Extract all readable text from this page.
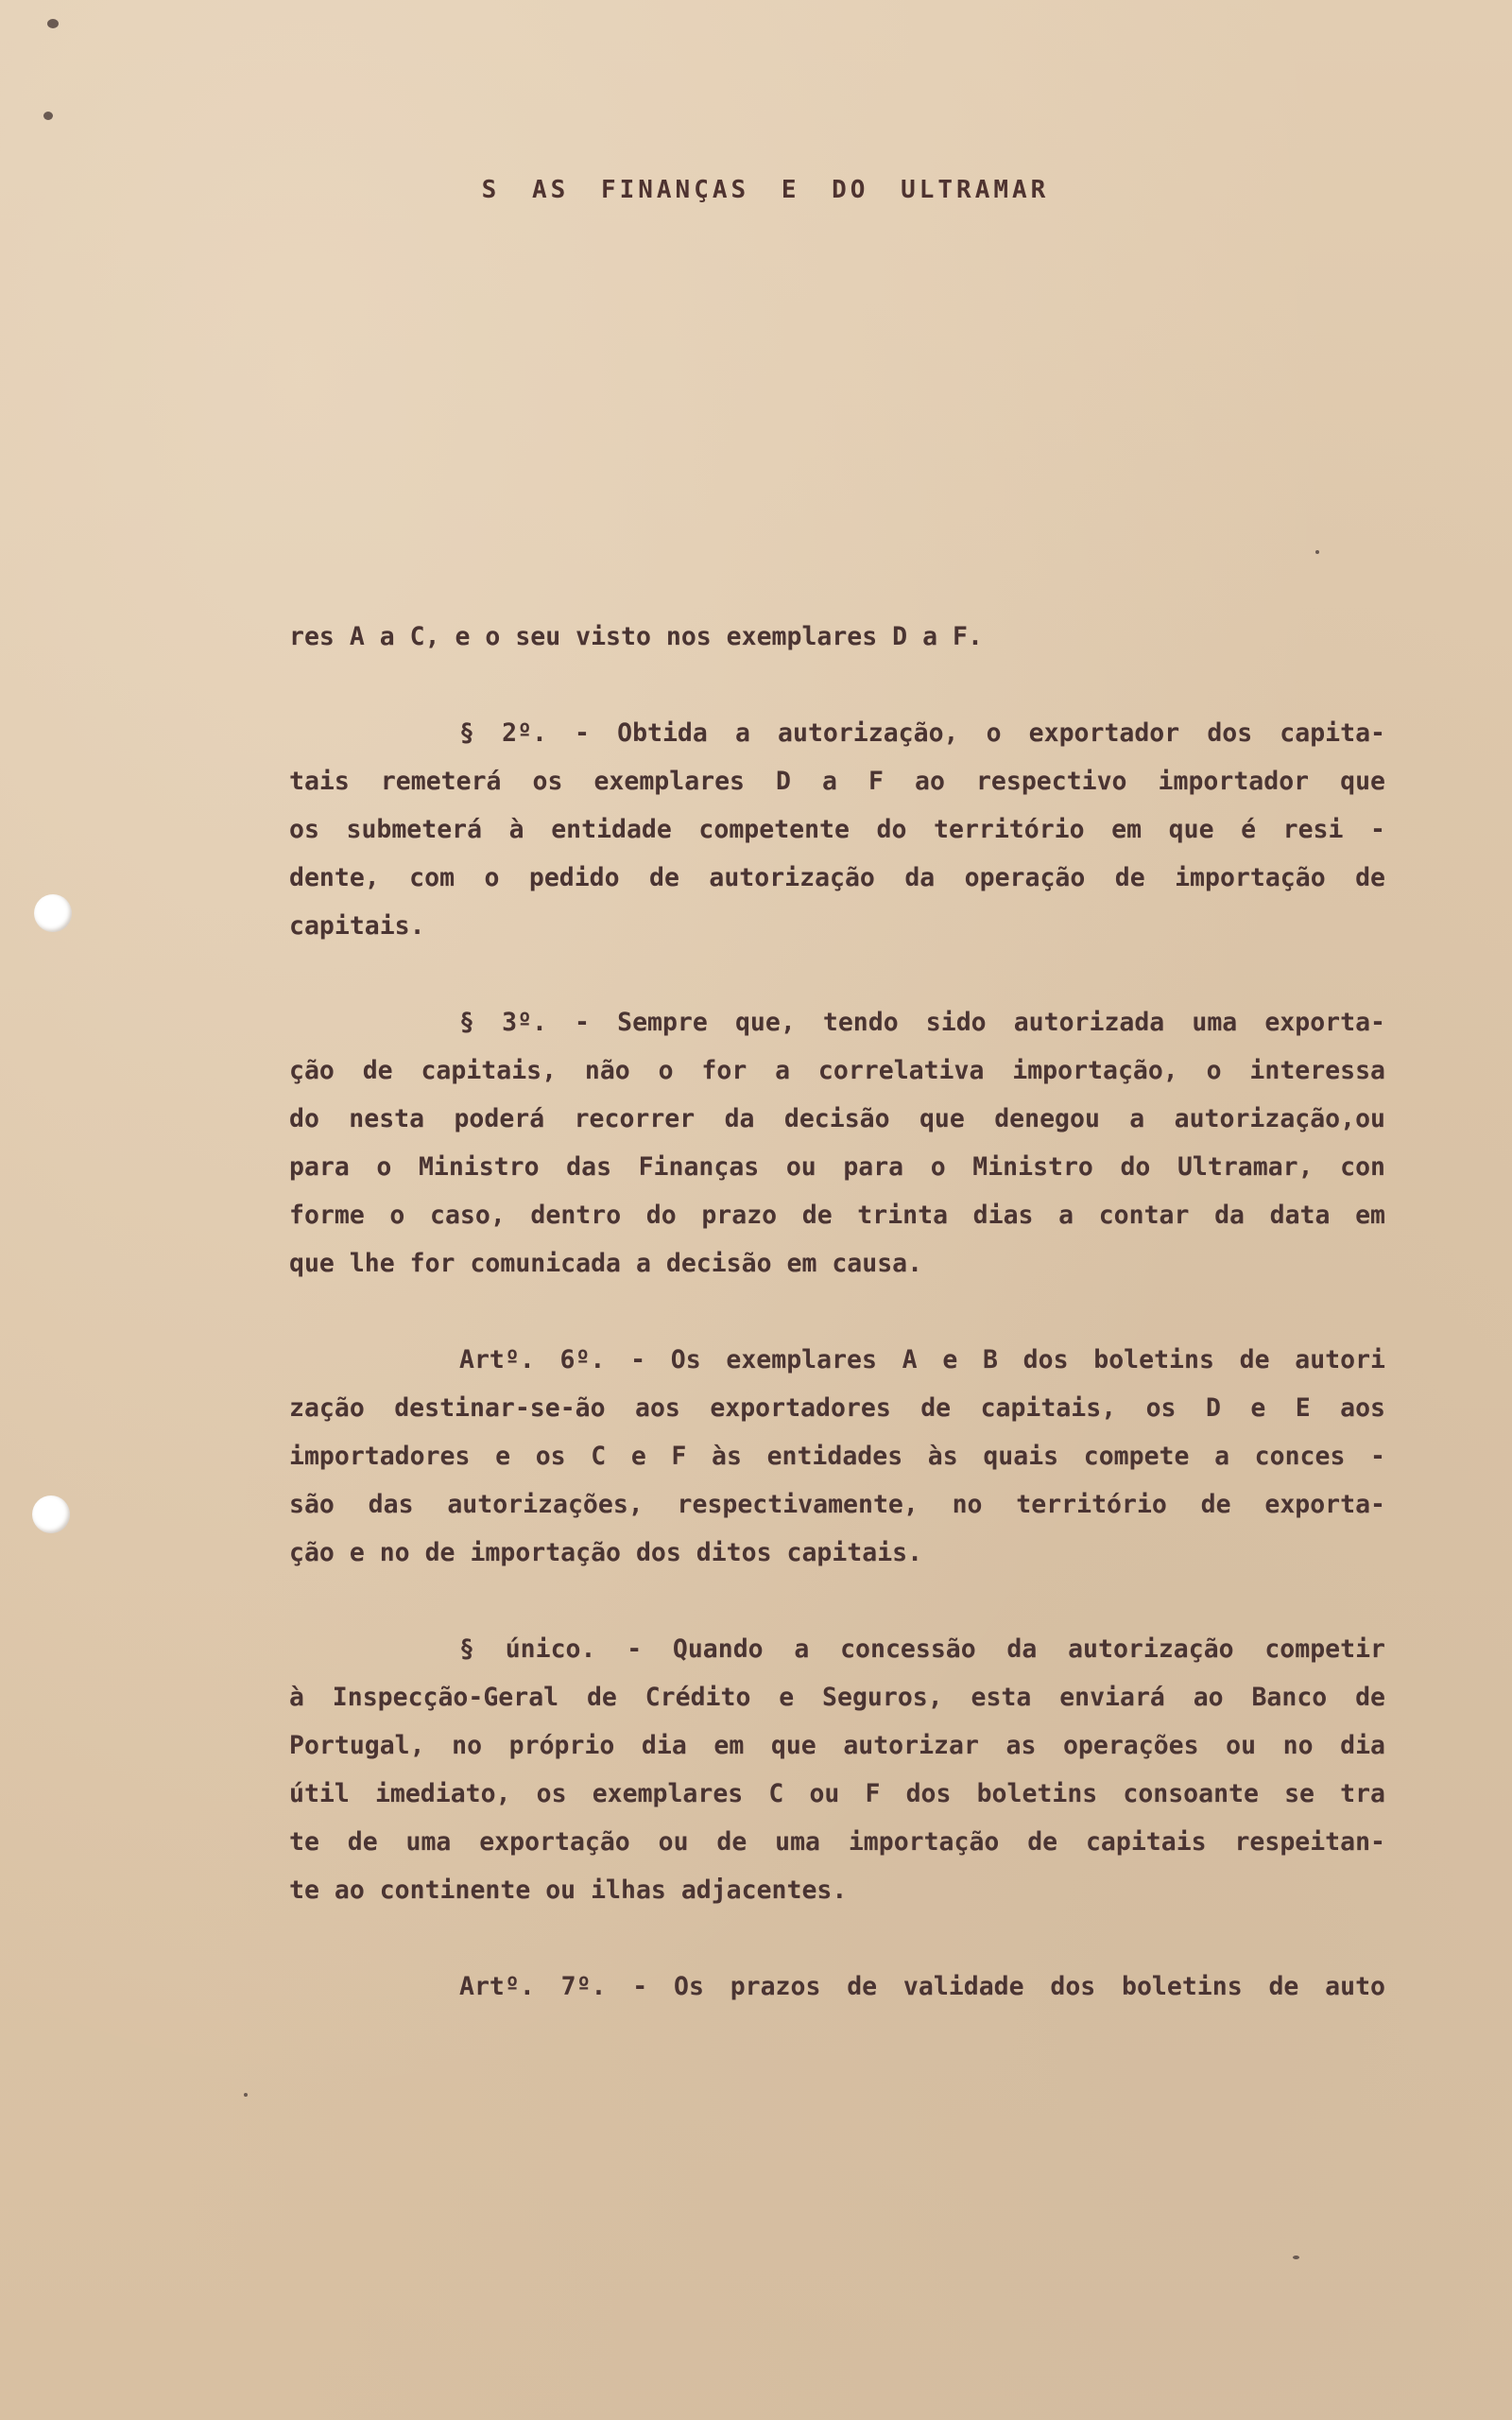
S AS FINANÇAS E DO ULTRAMAR
res A a C, e o seu visto nos exemplares D a F.
§ 2º. - Obtida a autorização, o exportador dos capita-
tais remeterá os exemplares D a F ao respectivo importador que
os submeterá à entidade competente do território em que é resi -
dente, com o pedido de autorização da operação de importação de
capitais.
§ 3º. - Sempre que, tendo sido autorizada uma exporta-
ção de capitais, não o for a correlativa importação, o interessa
do nesta poderá recorrer da decisão que denegou a autorização,ou
para o Ministro das Finanças ou para o Ministro do Ultramar, con
forme o caso, dentro do prazo de trinta dias a contar da data em
que lhe for comunicada a decisão em causa.
Artº. 6º. - Os exemplares A e B dos boletins de autori
zação destinar-se-ão aos exportadores de capitais, os D e E aos
importadores e os C e F às entidades às quais compete a conces -
são das autorizações, respectivamente, no território de exporta-
ção e no de importação dos ditos capitais.
§ único. - Quando a concessão da autorização competir
à Inspecção-Geral de Crédito e Seguros, esta enviará ao Banco de
Portugal, no próprio dia em que autorizar as operações ou no dia
útil imediato, os exemplares C ou F dos boletins consoante se tra
te de uma exportação ou de uma importação de capitais respeitan-
te ao continente ou ilhas adjacentes.
Artº. 7º. - Os prazos de validade dos boletins de auto
